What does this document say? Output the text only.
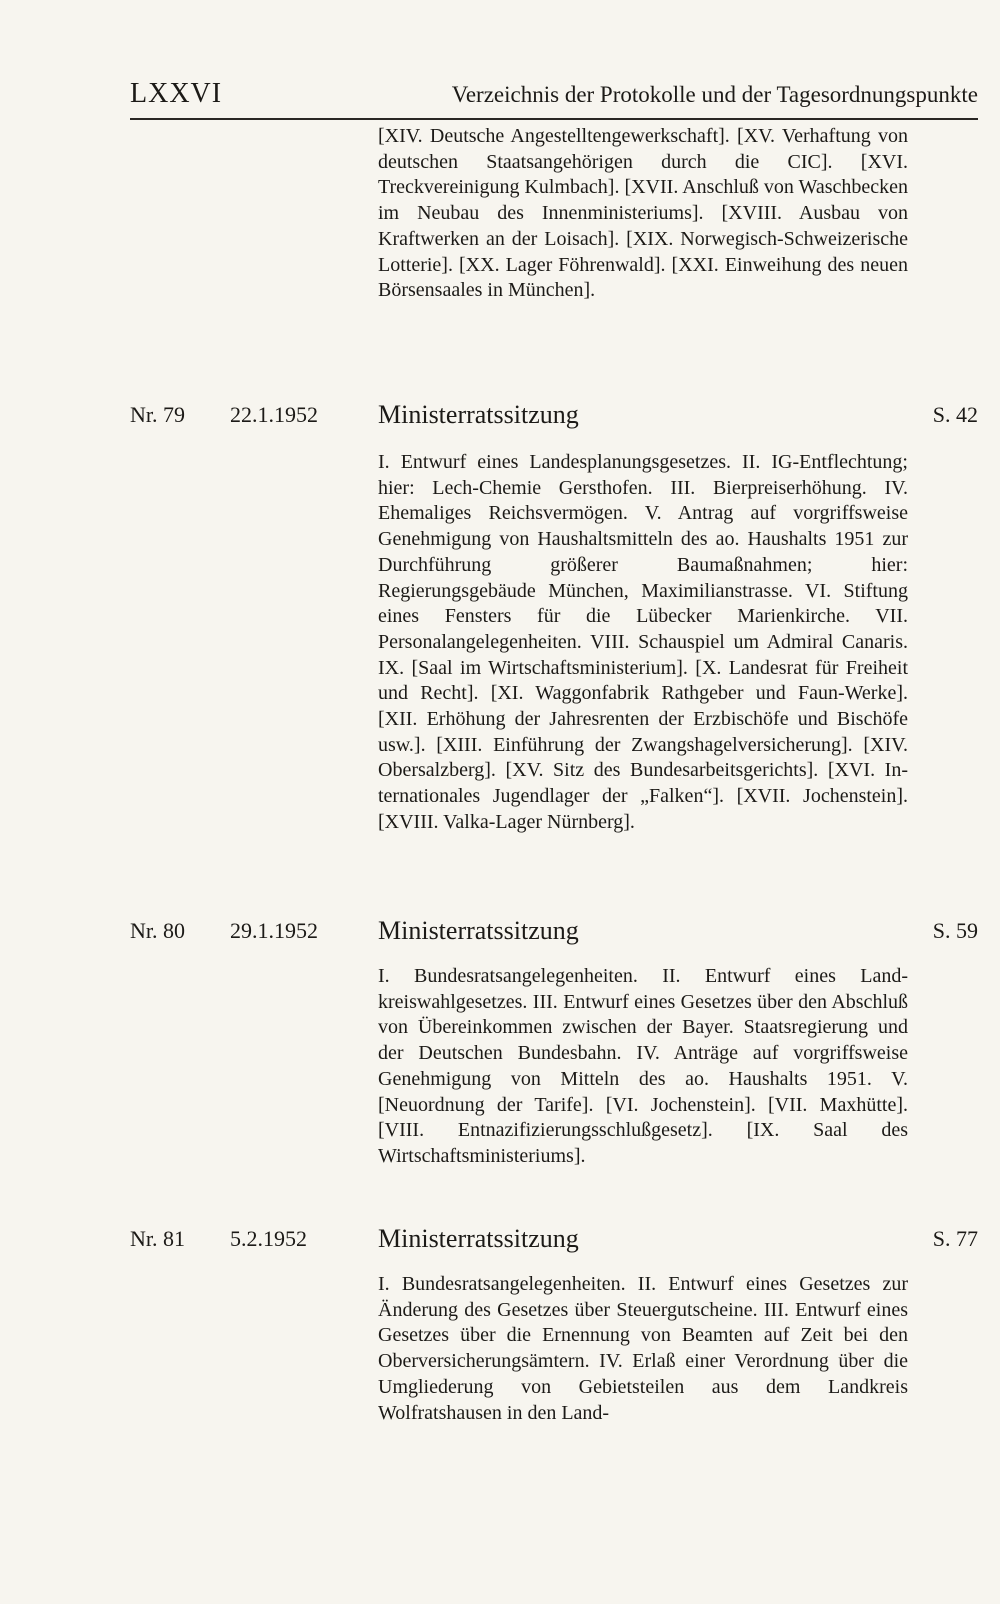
LXXVI	Verzeichnis der Protokolle und der Tagesordnungspunkte

[XIV. Deutsche Angestelltengewerkschaft]. [XV. Verhaftung von deutschen Staatsangehörigen durch die CIC]. [XVI. Treckvereinigung Kulmbach]. [XVII. Anschluß von Waschbecken im Neubau des Innenministeriums]. [XVIII. Ausbau von Kraftwerken an der Loisach]. [XIX. Norwegisch-Schweizerische Lotterie]. [XX. Lager Föhrenwald]. [XXI. Einweihung des neuen Börsensaales in München].

Nr. 79 22.1.1952 Ministerratssitzung	S. 42

I. Entwurf eines Landesplanungsgesetzes. II. IG-Entflechtung; hier: Lech-Chemie Gersthofen. III. Bierpreiserhöhung. IV. Ehemaliges Reichsvermögen. V. Antrag auf vorgriffsweise Genehmigung von Haushaltsmitteln des ao. Haushalts 1951 zur Durchführung größerer Baumaßnahmen; hier: Regierungsgebäude München, Maximilianstrasse. VI. Stiftung eines Fensters für die Lübecker Marienkirche. VII. Personalangelegenheiten. VIII. Schauspiel um Admiral Canaris. IX. [Saal im Wirtschaftsministerium]. [X. Landesrat für Freiheit und Recht]. [XI. Waggonfabrik Rathgeber und Faun-Werke]. [XII. Erhöhung der Jahresrenten der Erzbischöfe und Bischöfe usw.]. [XIII. Einführung der Zwangshagelversicherung]. [XIV. Obersalzberg]. [XV. Sitz des Bundesarbeitsgerichts]. [XVI. Internationales Jugendlager der „Falken“]. [XVII. Jochenstein]. [XVIII. Valka-Lager Nürnberg].

Nr. 80 29.1.1952 Ministerratssitzung	S. 59

I. Bundesratsangelegenheiten. II. Entwurf eines Landkreiswahlgesetzes. III. Entwurf eines Gesetzes über den Abschluß von Übereinkommen zwischen der Bayer. Staatsregierung und der Deutschen Bundesbahn. IV. Anträge auf vorgriffsweise Genehmigung von Mitteln des ao. Haushalts 1951. V. [Neuordnung der Tarife]. [VI. Jochenstein]. [VII. Maxhütte]. [VIII. Entnazifizierungsschlußgesetz]. [IX. Saal des Wirtschaftsministeriums].

Nr. 81 5.2.1952	Ministerratssitzung	S. 77

I. Bundesratsangelegenheiten. II. Entwurf eines Gesetzes zur Änderung des Gesetzes über Steuergutscheine. III. Entwurf eines Gesetzes über die Ernennung von Beamten auf Zeit bei den Oberversicherungsämtern. IV. Erlaß einer Verordnung über die Umgliederung von Gebietsteilen aus dem Landkreis Wolfratshausen in den Land-
